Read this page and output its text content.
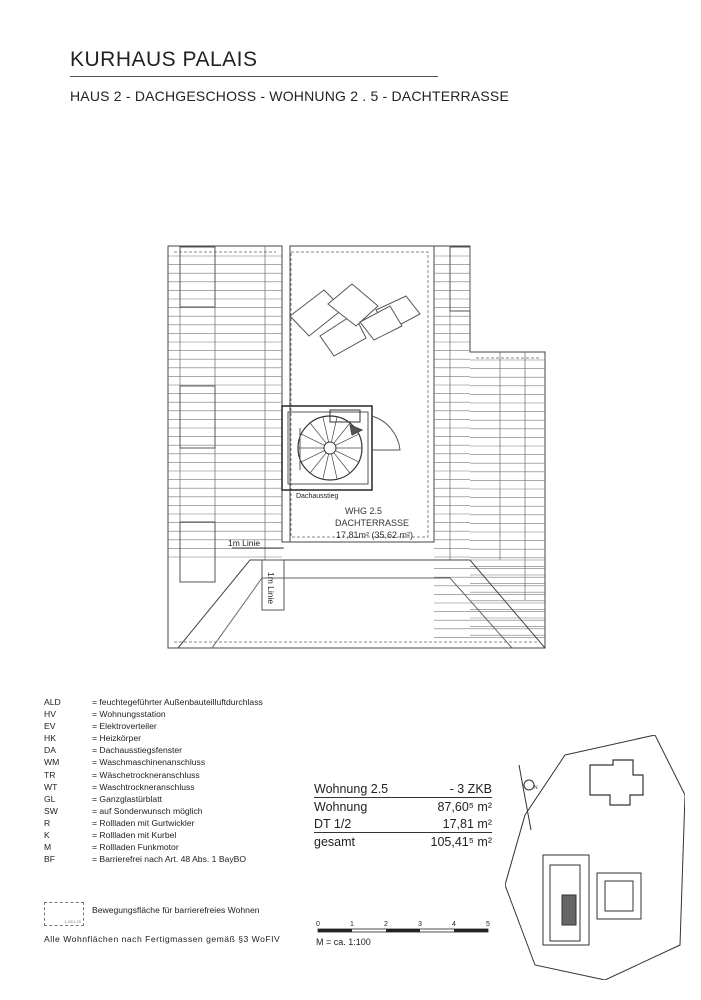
KURHAUS PALAIS
HAUS 2 - DACHGESCHOSS - WOHNUNG 2 . 5 - DACHTERRASSE
Dachausstieg
WHG 2.5
DACHTERRASSE
17,81m² (35,62 m²)
1m Linie
1m Linie
ALD	= feuchtegeführter Außenbauteilluftdurchlass
HV	= Wohnungsstation
EV	= Elektroverteiler
HK	= Heizkörper
DA	= Dachausstiegsfenster
WM	= Waschmaschinenanschluss
TR	= Wäschetrockneranschluss
WT	= Waschtrockneranschluss
GL	= Ganzglastürblatt
SW	= auf Sonderwunsch möglich
R	= Rollladen mit Gurtwickler
K	= Rollladen mit Kurbel
M	= Rollladen Funkmotor
BF	= Barrierefrei nach Art. 48 Abs. 1 BayBO
1,20/1,20
Bewegungsfläche für barrierefreies Wohnen
Alle Wohnflächen nach Fertigmassen gemäß §3 WoFIV
Wohnung 2.5	- 3 ZKB
Wohnung	87,60⁵ m²
DT 1/2	17,81 m²
gesamt	105,41⁵ m²
0	1	2	3	4	5
M = ca. 1:100
N
